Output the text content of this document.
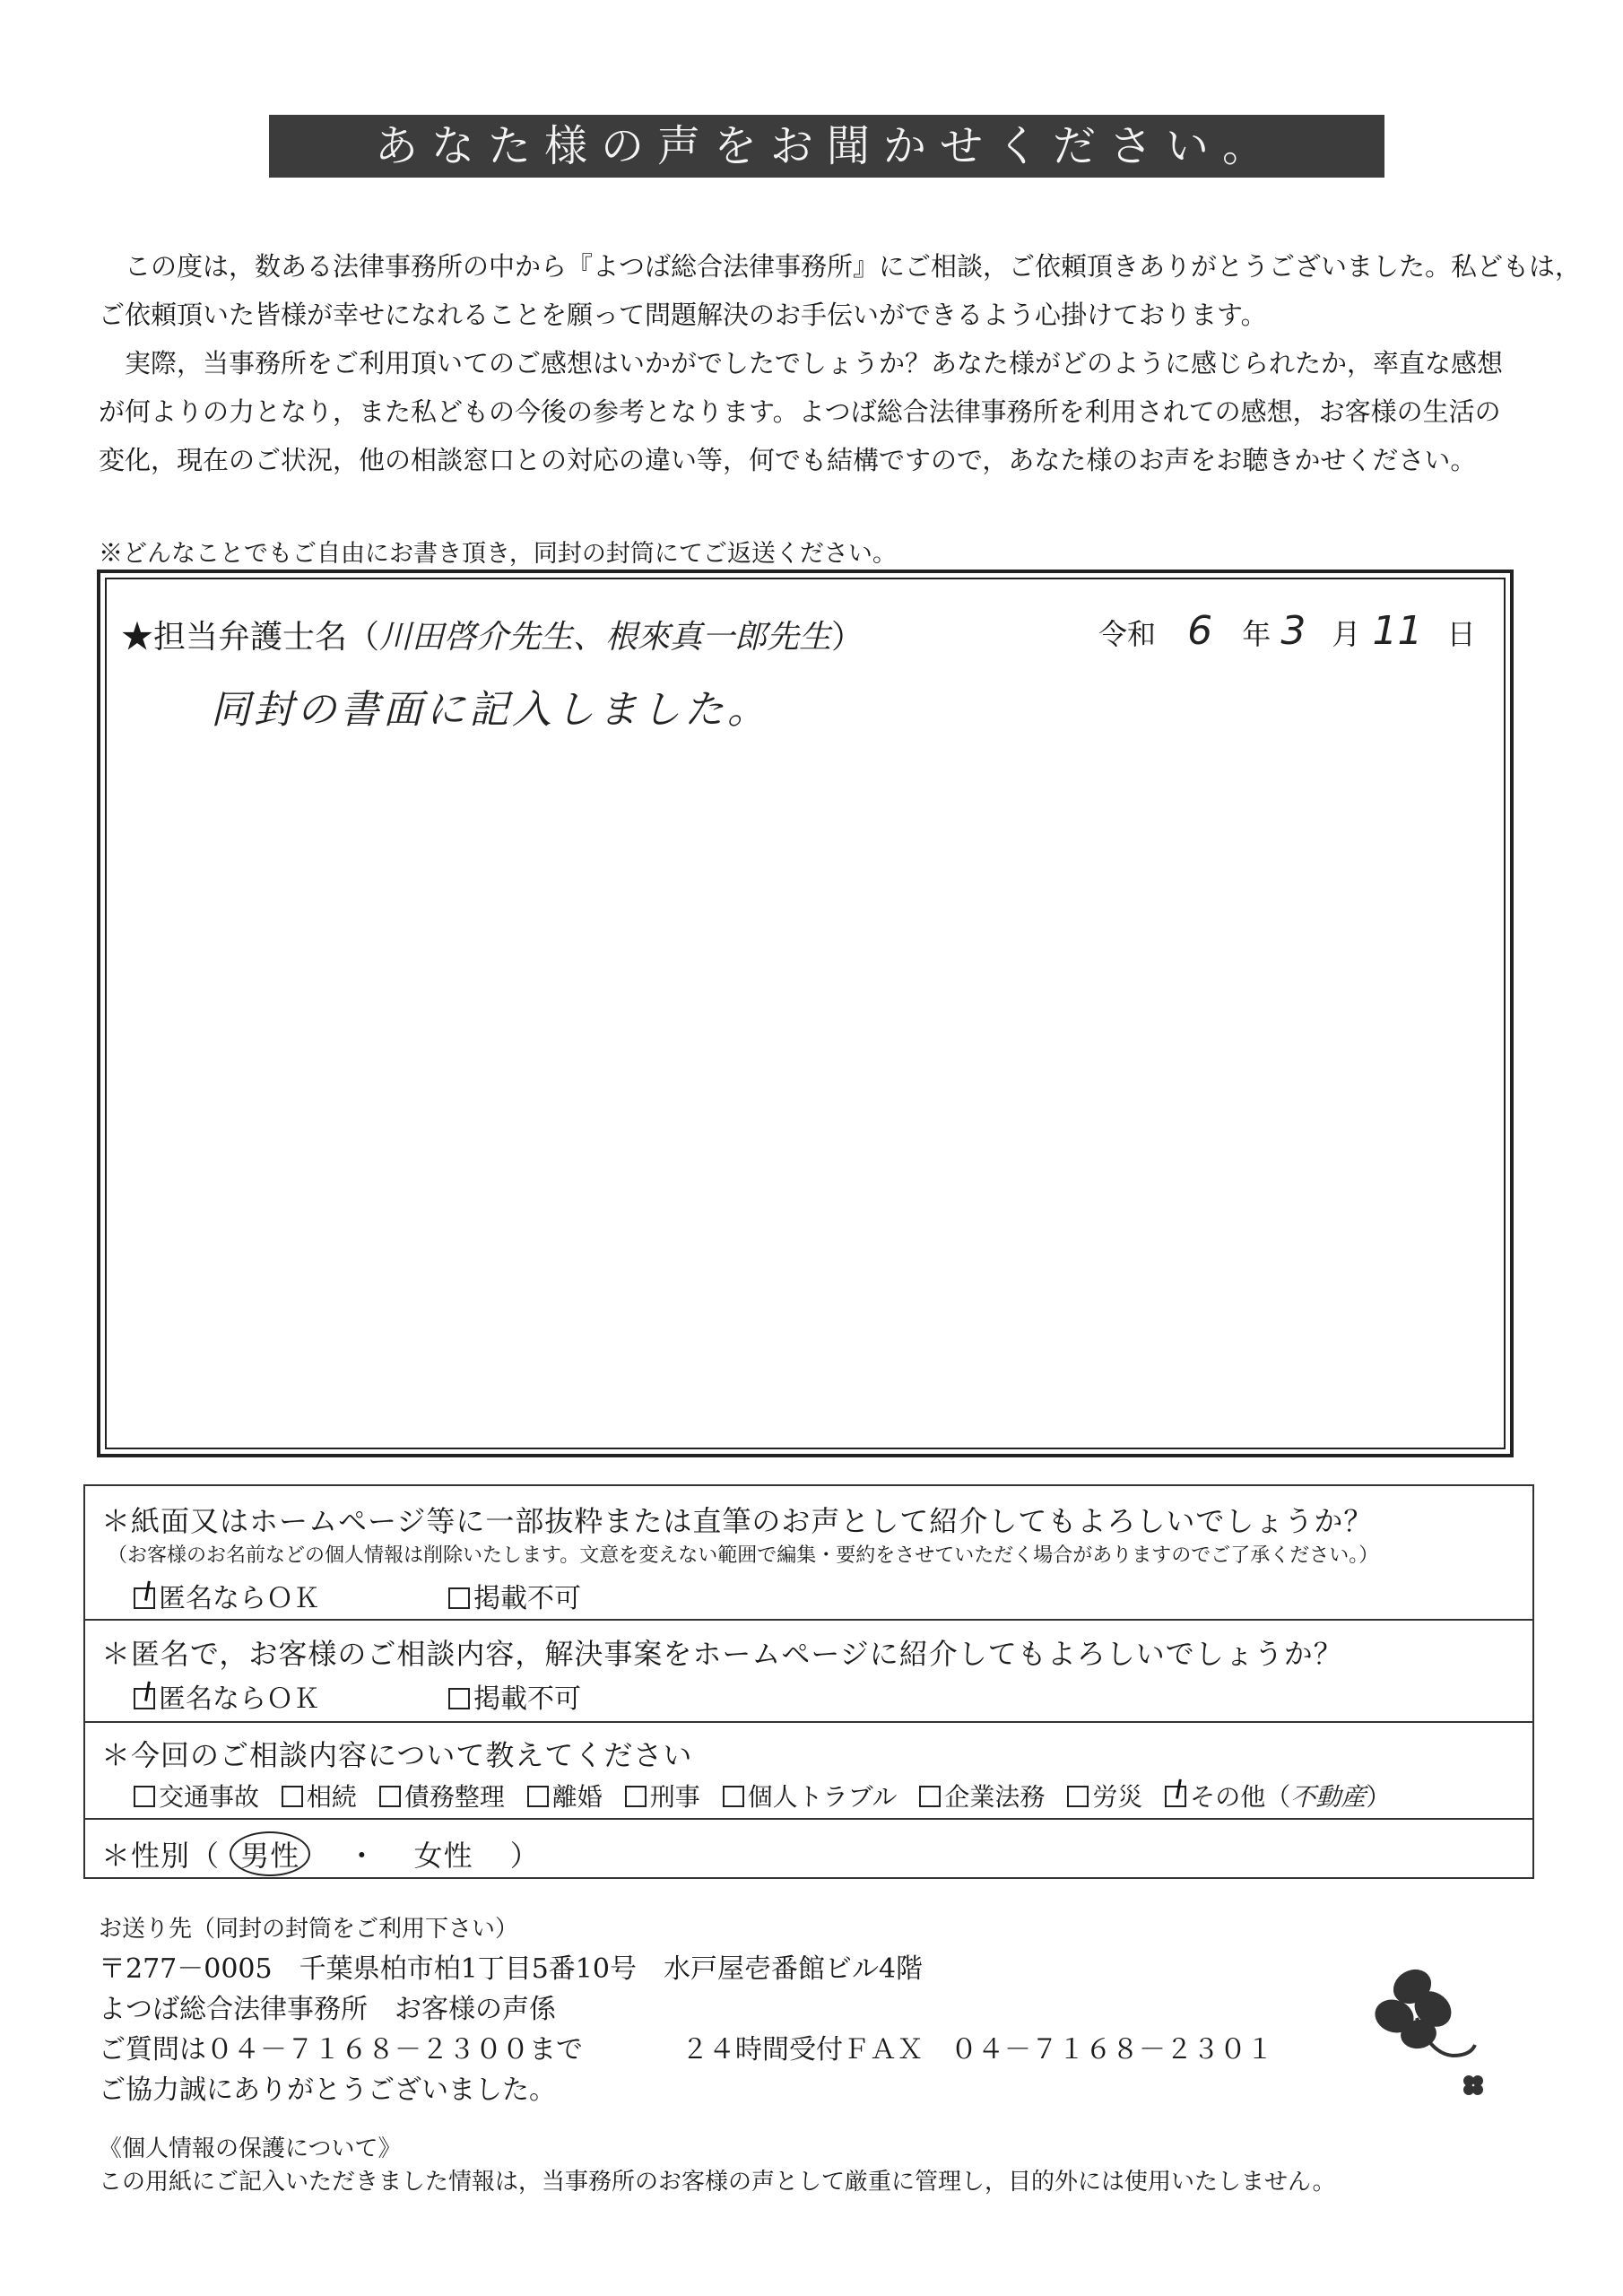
あなた様の声をお聞かせください。
　この度は，数ある法律事務所の中から『よつば総合法律事務所』にご相談，ご依頼頂きありがとうございました。私どもは，
ご依頼頂いた皆様が幸せになれることを願って問題解決のお手伝いができるよう心掛けております。
　実際，当事務所をご利用頂いてのご感想はいかがでしたでしょうか？あなた様がどのように感じられたか，率直な感想
が何よりの力となり，また私どもの今後の参考となります。よつば総合法律事務所を利用されての感想，お客様の生活の
変化，現在のご状況，他の相談窓口との対応の違い等，何でも結構ですので，あなた様のお声をお聴きかせください。
※どんなことでもご自由にお書き頂き，同封の封筒にてご返送ください。
★担当弁護士名（川田啓介先生、根來真一郎先生）	令和 6 年 3 月 11 日
同封の書面に記入しました。
＊紙面又はホームページ等に一部抜粋または直筆のお声として紹介してもよろしいでしょうか？
（お客様のお名前などの個人情報は削除いたします。文意を変えない範囲で編集・要約をさせていただく場合がありますのでご了承ください。）
匿名ならＯＫ	掲載不可
＊匿名で，お客様のご相談内容，解決事案をホームページに紹介してもよろしいでしょうか？
匿名ならＯＫ	掲載不可
＊今回のご相談内容について教えてください
交通事故 相続 債務整理 離婚 刑事 個人トラブル 企業法務 労災 その他（不動産）
＊性別（ 男性 ・ 女性 ）
お送り先（同封の封筒をご利用下さい）
〒277－0005　千葉県柏市柏1丁目5番10号　水戸屋壱番館ビル4階
よつば総合法律事務所　お客様の声係
ご質問は０４－７１６８－２３００まで	２４時間受付ＦＡＸ　０４－７１６８－２３０１
ご協力誠にありがとうございました。
《個人情報の保護について》
この用紙にご記入いただきました情報は，当事務所のお客様の声として厳重に管理し，目的外には使用いたしません。
